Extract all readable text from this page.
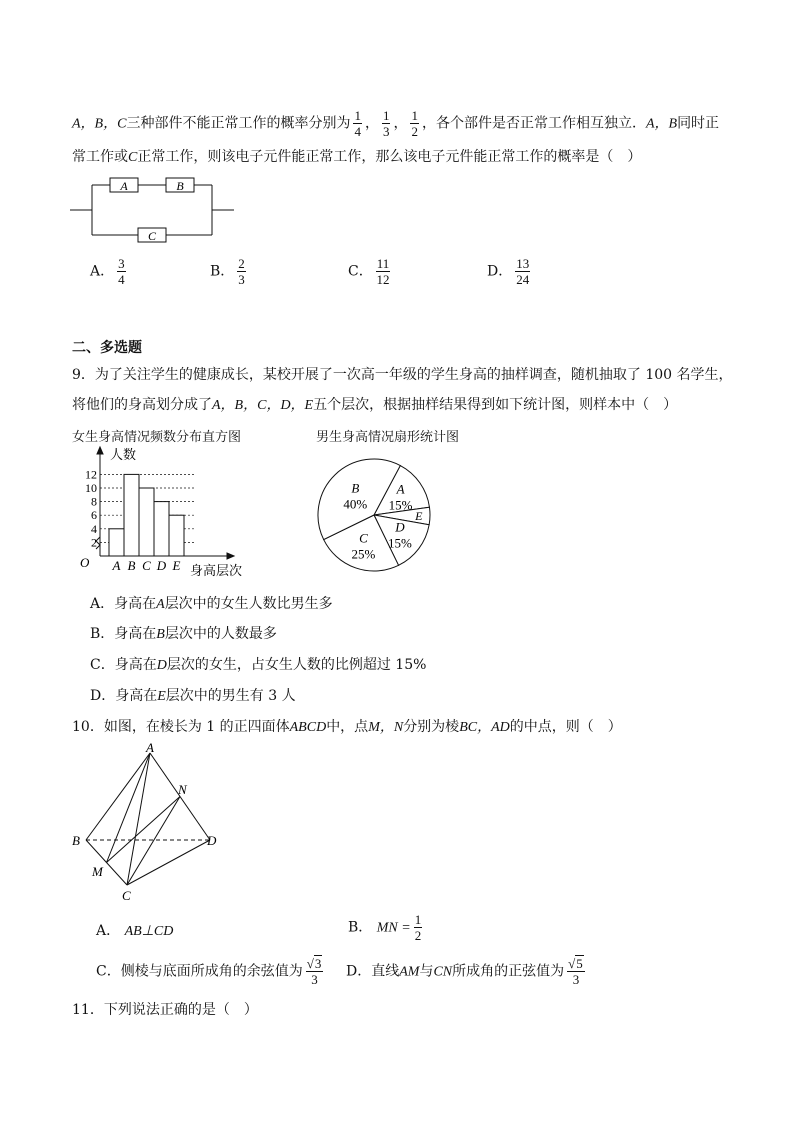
A，B，C三种部件不能正常工作的概率分别为 $\frac{1}{4}$ ， $\frac{1}{3}$ ， $\frac{1}{2}$ ，各个部件是否正常工作相互独立．A，B同时正
常工作或C正常工作，则该电子元件能正常工作，那么该电子元件能正常工作的概率是（　）
A	B
C
A． $\frac{3}{4}$	B． $\frac{2}{3}$	C． $\frac{11}{12}$	D． $\frac{13}{24}$
二、多选题
9．为了关注学生的健康成长，某校开展了一次高一年级的学生身高的抽样调查，随机抽取了 100 名学生，
将他们的身高划分成了A，B，C，D，E五个层次，根据抽样结果得到如下统计图，则样本中（　）
女生身高情况频数分布直方图	男生身高情况扇形统计图
2
4
6
8
10
12
A B C D E
人数
O
身高层次
A
15%
E
D
15%
C
25%
B
40%
A．身高在A层次中的女生人数比男生多
B．身高在B层次中的人数最多
C．身高在D层次的女生，占女生人数的比例超过 15%
D．身高在E层次中的男生有 3 人
10．如图，在棱长为 1 的正四面体ABCD中，点M，N分别为棱BC，AD的中点，则（　）
A
B
C
D
M
N
A． AB⊥CD	B． MN = $\frac{1}{2}$
C．侧棱与底面所成角的余弦值为 $\frac{√3}{3}$ D．直线AM与CN所成角的正弦值为 $\frac{√5}{3}$
11．下列说法正确的是（　）
